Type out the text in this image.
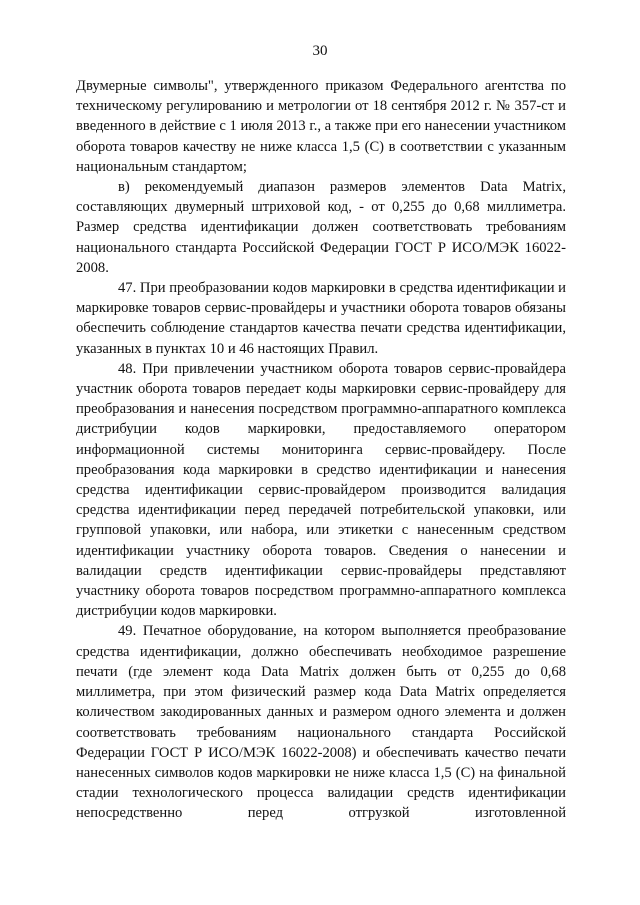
30

Двумерные символы", утвержденного приказом Федерального агентства по техническому регулированию и метрологии от 18 сентября 2012 г. № 357-ст и введенного в действие с 1 июля 2013 г., а также при его нанесении участником оборота товаров качеству не ниже класса 1,5 (С) в соответствии с указанным национальным стандартом;

в) рекомендуемый диапазон размеров элементов Data Matrix, составляющих двумерный штриховой код, - от 0,255 до 0,68 миллиметра. Размер средства идентификации должен соответствовать требованиям национального стандарта Российской Федерации ГОСТ Р ИСО/МЭК 16022-2008.

47. При преобразовании кодов маркировки в средства идентификации и маркировке товаров сервис-провайдеры и участники оборота товаров обязаны обеспечить соблюдение стандартов качества печати средства идентификации, указанных в пунктах 10 и 46 настоящих Правил.

48. При привлечении участником оборота товаров сервис-провайдера участник оборота товаров передает коды маркировки сервис-провайдеру для преобразования и нанесения посредством программно-аппаратного комплекса дистрибуции кодов маркировки, предоставляемого оператором информационной системы мониторинга сервис-провайдеру. После преобразования кода маркировки в средство идентификации и нанесения средства идентификации сервис-провайдером производится валидация средства идентификации перед передачей потребительской упаковки, или групповой упаковки, или набора, или этикетки с нанесенным средством идентификации участнику оборота товаров. Сведения о нанесении и валидации средств идентификации сервис-провайдеры представляют участнику оборота товаров посредством программно-аппаратного комплекса дистрибуции кодов маркировки.

49. Печатное оборудование, на котором выполняется преобразование средства идентификации, должно обеспечивать необходимое разрешение печати (где элемент кода Data Matrix должен быть от 0,255 до 0,68 миллиметра, при этом физический размер кода Data Matrix определяется количеством закодированных данных и размером одного элемента и должен соответствовать требованиям национального стандарта Российской Федерации ГОСТ Р ИСО/МЭК 16022-2008) и обеспечивать качество печати нанесенных символов кодов маркировки не ниже класса 1,5 (С) на финальной стадии технологического процесса валидации средств идентификации непосредственно перед отгрузкой изготовленной
